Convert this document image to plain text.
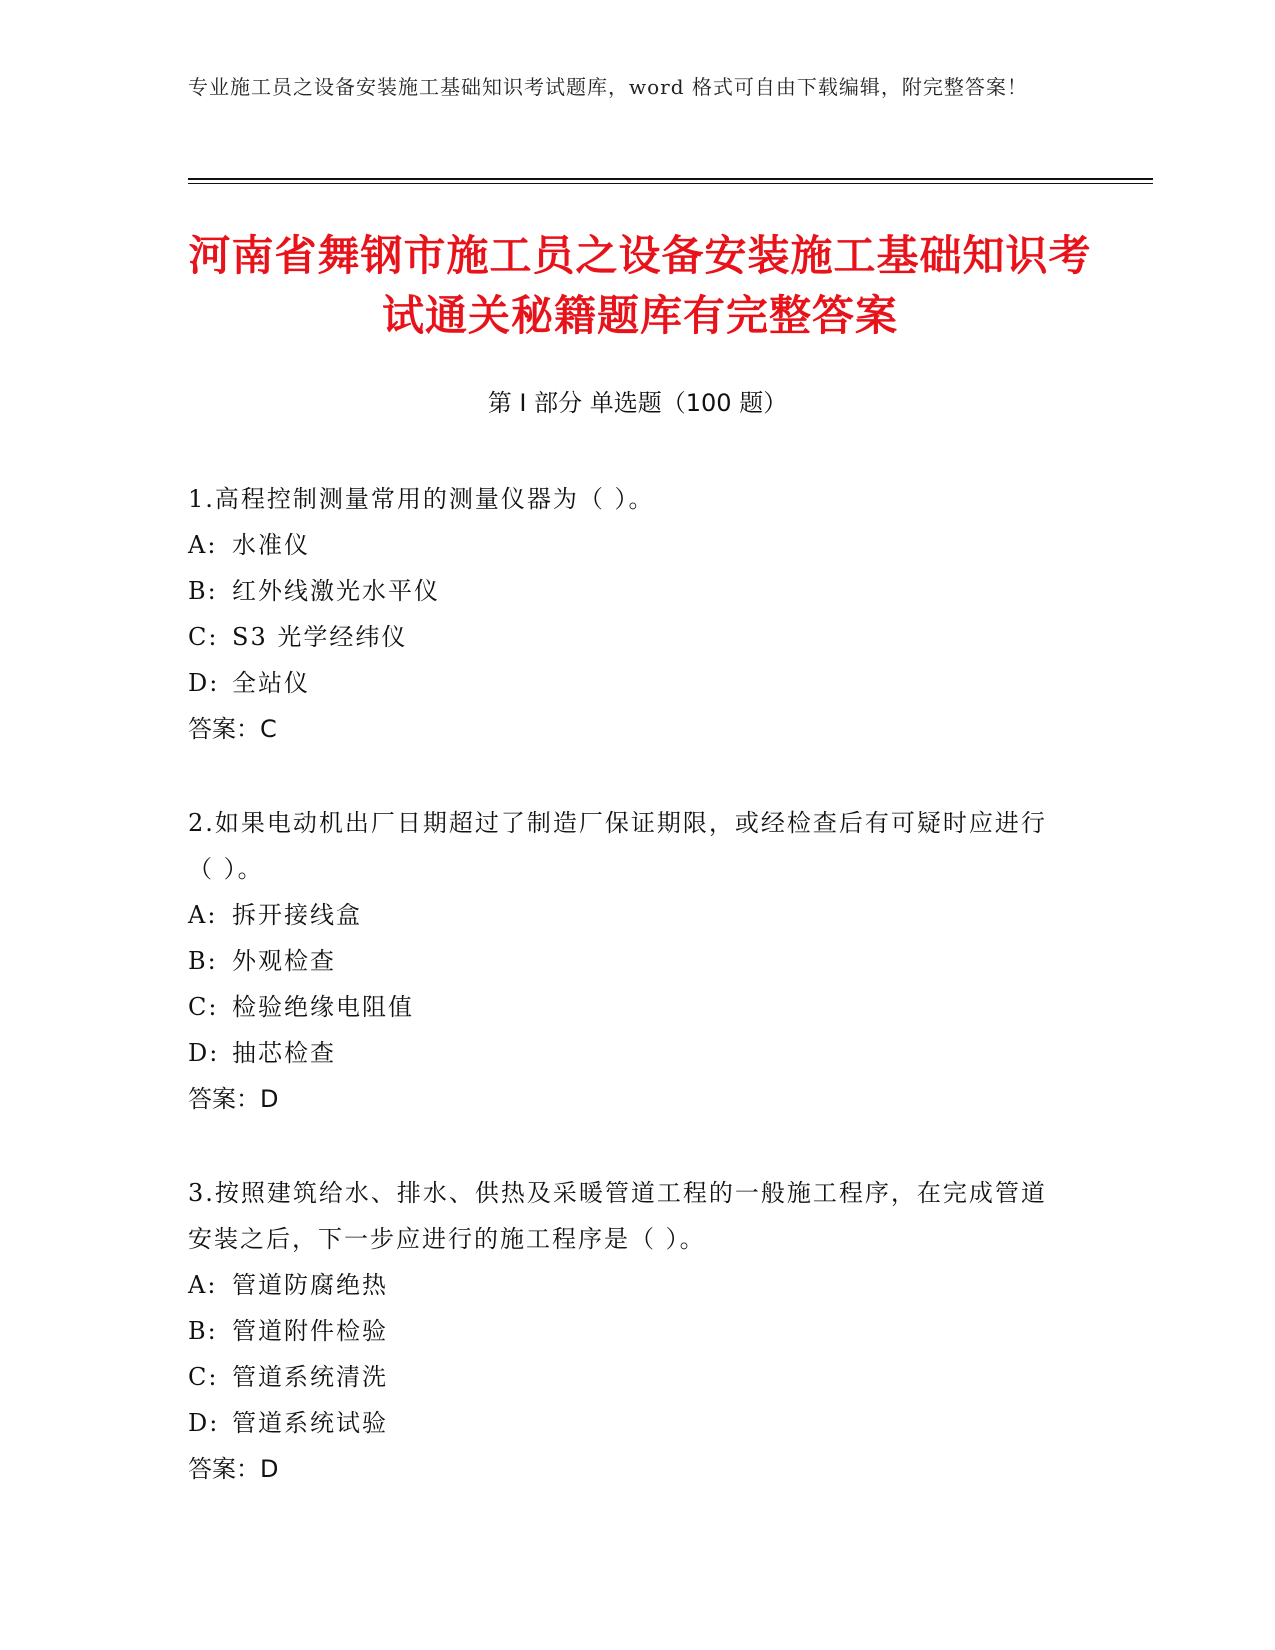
专业施工员之设备安装施工基础知识考试题库，word 格式可自由下载编辑，附完整答案！
河南省舞钢市施工员之设备安装施工基础知识考试通关秘籍题库有完整答案
第 I 部分 单选题（100 题）

1.高程控制测量常用的测量仪器为（ ）。

A: 水准仪

B: 红外线激光水平仪

C: S3 光学经纬仪

D: 全站仪

答案：C

2.如果电动机出厂日期超过了制造厂保证期限，或经检查后有可疑时应进行（ ）。

A: 拆开接线盒

B: 外观检查

C: 检验绝缘电阻值

D: 抽芯检查

答案：D

3.按照建筑给水、排水、供热及采暖管道工程的一般施工程序，在完成管道安装之后，下一步应进行的施工程序是（ ）。

A: 管道防腐绝热

B: 管道附件检验

C: 管道系统清洗

D: 管道系统试验

答案：D
